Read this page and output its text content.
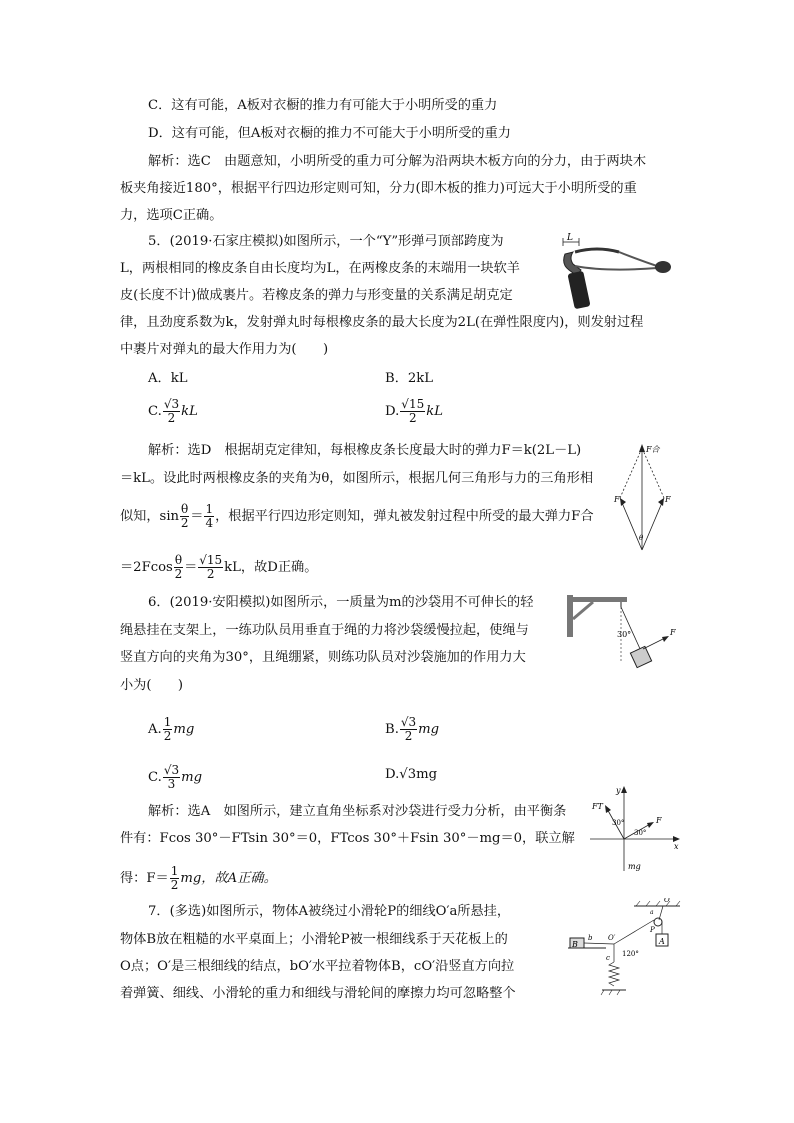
C．这有可能，A板对衣橱的推力有可能大于小明所受的重力
D．这有可能，但A板对衣橱的推力不可能大于小明所受的重力
解析：选C　由题意知，小明所受的重力可分解为沿两块木板方向的分力，由于两块木
板夹角接近180°，根据平行四边形定则可知，分力(即木板的推力)可远大于小明所受的重
力，选项C正确。
5．(2019·石家庄模拟)如图所示，一个“Y”形弹弓顶部跨度为
L，两根相同的橡皮条自由长度均为L，在两橡皮条的末端用一块软羊
皮(长度不计)做成裹片。若橡皮条的弹力与形变量的关系满足胡克定
律，且劲度系数为k，发射弹丸时每根橡皮条的最大长度为2L(在弹性限度内)，则发射过程
中裹片对弹丸的最大作用力为(　　)
L
A．kL	B．2kL
C. $\frac{√3}{2}$ kL	D. $\frac{√15}{2}$ kL
解析：选D　根据胡克定律知，每根橡皮条长度最大时的弹力F＝k(2L－L)
＝kL。设此时两根橡皮条的夹角为θ，如图所示，根据几何三角形与力的三角形相
似知，$\sin \frac{\theta}{2} = \frac{1}{4}$ ，根据平行四边形定则知，弹丸被发射过程中所受的最大弹力F合
$=2Fcos \frac{\theta}{2} = \frac{√15}{2}$ kL，故D正确。
F合
F	F
θ
6．(2019·安阳模拟)如图所示，一质量为m的沙袋用不可伸长的轻
绳悬挂在支架上，一练功队员用垂直于绳的力将沙袋缓慢拉起，使绳与
竖直方向的夹角为30°，且绳绷紧，则练功队员对沙袋施加的作用力大
小为(　　)
30°	F
A. $\frac{1}{2}$ mg	B. $\frac{√3}{2}$ mg
C. $\frac{√3}{3}$ mg	D.√3mg
解析：选A　如图所示，建立直角坐标系对沙袋进行受力分析，由平衡条
件有：Fcos 30°－FTsin 30°＝0，FTcos 30°＋Fsin 30°－mg＝0，联立解
得：$F= \frac{1}{2}$ mg，故A正确。
y
x
FT
F
30°
30°
mg
7．(多选)如图所示，物体A被绕过小滑轮P的细线O′a所悬挂，
物体B放在粗糙的水平桌面上；小滑轮P被一根细线系于天花板上的
O点；O′是三根细线的结点，bO′水平拉着物体B，cO′沿竖直方向拉
着弹簧、细线、小滑轮的重力和细线与滑轮间的摩擦力均可忽略整个
O
a
P
A
B
b O′
120°
c
